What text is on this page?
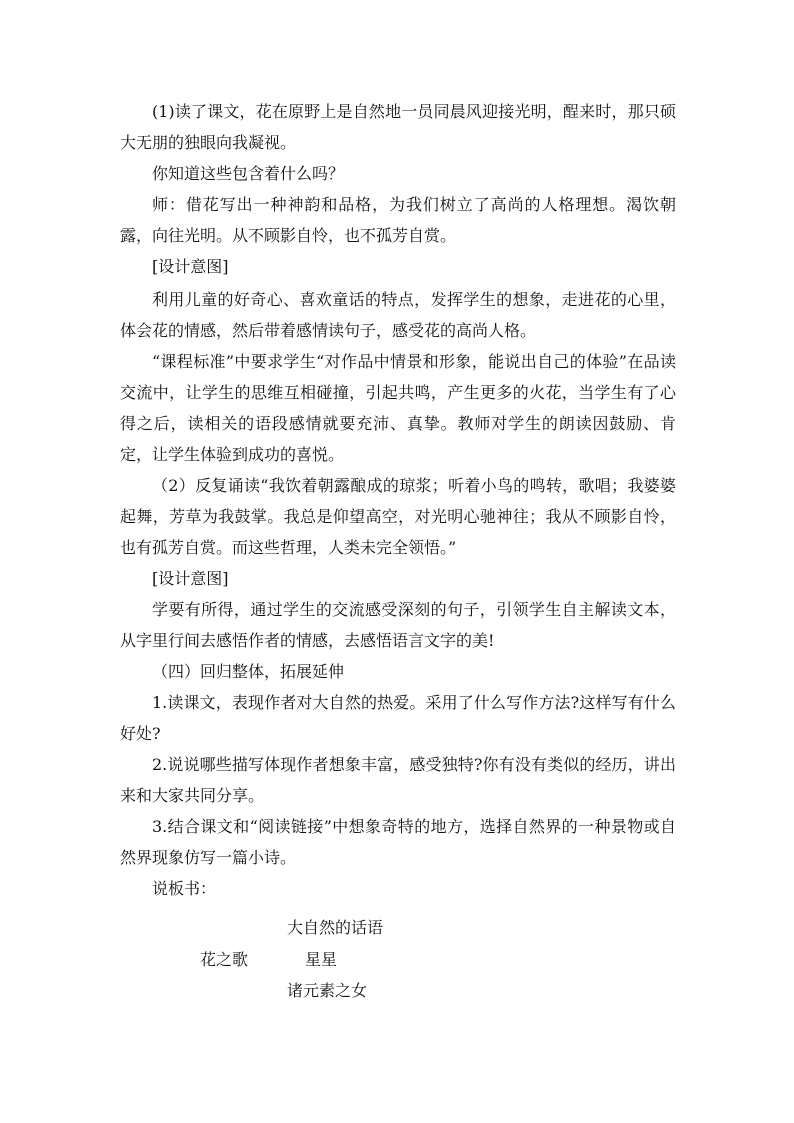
(1)读了课文，花在原野上是自然地一员同晨风迎接光明，酲来时，那只硕大无朋的独眼向我凝视。

你知道这些包含着什么吗？

师：借花写出一种神韵和品格，为我们树立了高尚的人格理想。渴饮朝露，向往光明。从不顾影自怜，也不孤芳自赏。

[设计意图]

利用儿童的好奇心、喜欢童话的特点，发挥学生的想象，走进花的心里，体会花的情感，然后带着感情读句子，感受花的高尚人格。

“课程标准”中要求学生“对作品中情景和形象，能说出自己的体验”在品读交流中，让学生的思维互相碰撞，引起共鸣，产生更多的火花，当学生有了心得之后，读相关的语段感情就要充沛、真挚。教师对学生的朗读因鼓励、肯定，让学生体验到成功的喜悦。

（2）反复诵读“我饮着朝露酿成的琼浆；听着小鸟的鸣转，歌唱；我婆婆起舞，芳草为我鼓掌。我总是仰望高空，对光明心驰神往；我从不顾影自怜，也有孤芳自赏。而这些哲理，人类未完全领悟。”

[设计意图]

学要有所得，通过学生的交流感受深刻的句子，引领学生自主解读文本，从字里行间去感悟作者的情感，去感悟语言文字的美!

（四）回归整体，拓展延伸

1.读课文，表现作者对大自然的热爱。采用了什么写作方法?这样写有什么好处?

2.说说哪些描写体现作者想象丰富，感受独特?你有没有类似的经历，讲出来和大家共同分享。

3.结合课文和“阅读链接”中想象奇特的地方，选择自然界的一种景物或自然界现象仿写一篇小诗。

说板书：

大自然的话语
花之歌	星星
诸元素之女
